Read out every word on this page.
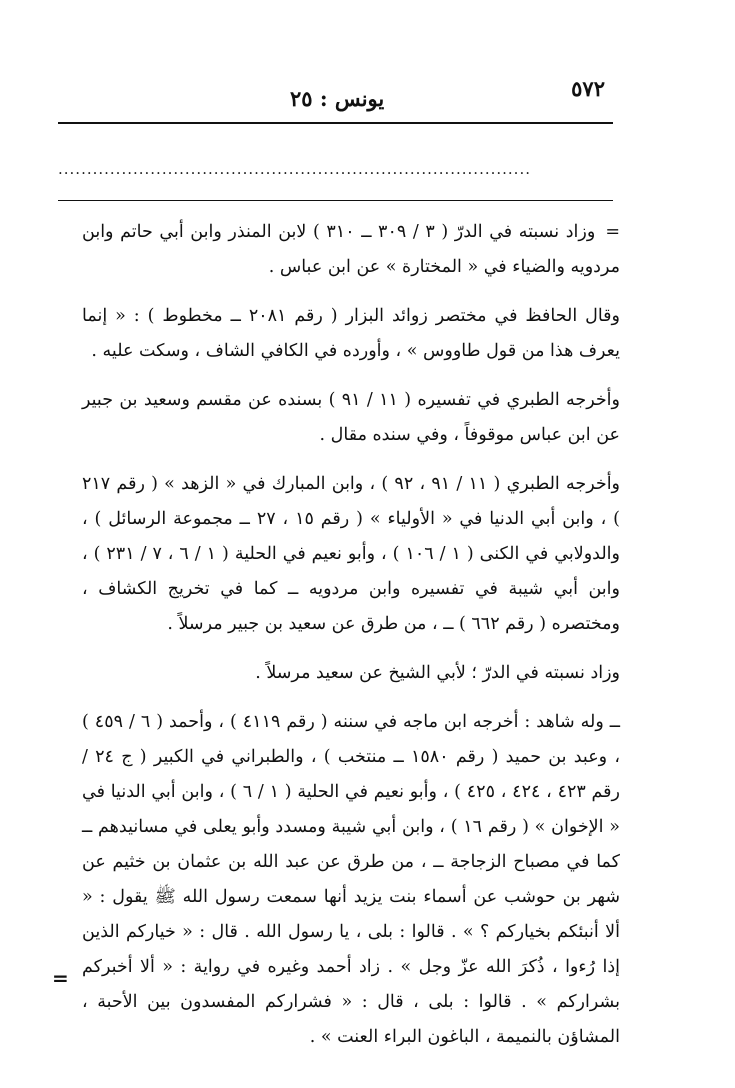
٥٧٢
يونس : ٢٥
..................................................................................

=وزاد نسبته في الدرّ ( ٣ / ٣٠٩ ــ ٣١٠ ) لابن المنذر وابن أبي حاتم وابن مردويه والضياء في « المختارة » عن ابن عباس .

وقال الحافظ في مختصر زوائد البزار ( رقم ٢٠٨١ ــ مخطوط ) : « إنما يعرف هذا من قول طاووس » ، وأورده في الكافي الشاف ، وسكت عليه .

وأخرجه الطبري في تفسيره ( ١١ / ٩١ ) بسنده عن مقسم وسعيد بن جبير عن ابن عباس موقوفاً ، وفي سنده مقال .

وأخرجه الطبري ( ١١ / ٩١ ، ٩٢ ) ، وابن المبارك في « الزهد » ( رقم ٢١٧ ) ، وابن أبي الدنيا في « الأولياء » ( رقم ١٥ ، ٢٧ ــ مجموعة الرسائل ) ، والدولابي في الكنى ( ١ / ١٠٦ ) ، وأبو نعيم في الحلية ( ١ / ٦ ، ٧ / ٢٣١ ) ، وابن أبي شيبة في تفسيره وابن مردويه ــ كما في تخريج الكشاف ، ومختصره ( رقم ٦٦٢ ) ــ ، من طرق عن سعيد بن جبير مرسلاً .

وزاد نسبته في الدرّ ؛ لأبي الشيخ عن سعيد مرسلاً .

ــ وله شاهد : أخرجه ابن ماجه في سننه ( رقم ٤١١٩ ) ، وأحمد ( ٦ / ٤٥٩ ) ، وعبد بن حميد ( رقم ١٥٨٠ ــ منتخب ) ، والطبراني في الكبير ( ج ٢٤ / رقم ٤٢٣ ، ٤٢٤ ، ٤٢٥ ) ، وأبو نعيم في الحلية ( ١ / ٦ ) ، وابن أبي الدنيا في « الإخوان » ( رقم ١٦ ) ، وابن أبي شيبة ومسدد وأبو يعلى في مسانيدهم ــ كما في مصباح الزجاجة ــ ، من طرق عن عبد الله بن عثمان بن خثيم عن شهر بن حوشب عن أسماء بنت يزيد أنها سمعت رسول الله ﷺ يقول : « ألا أنبئكم بخياركم ؟ » . قالوا : بلى ، يا رسول الله . قال : « خياركم الذين إذا رُءوا ، ذُكرَ الله عزّ وجل » . زاد أحمد وغيره في رواية : « ألا أخبركم بشراركم » . قالوا : بلى ، قال : « فشراركم المفسدون بين الأحبة ، المشاؤن بالنميمة ، الباغون البراء العنت » .

=
